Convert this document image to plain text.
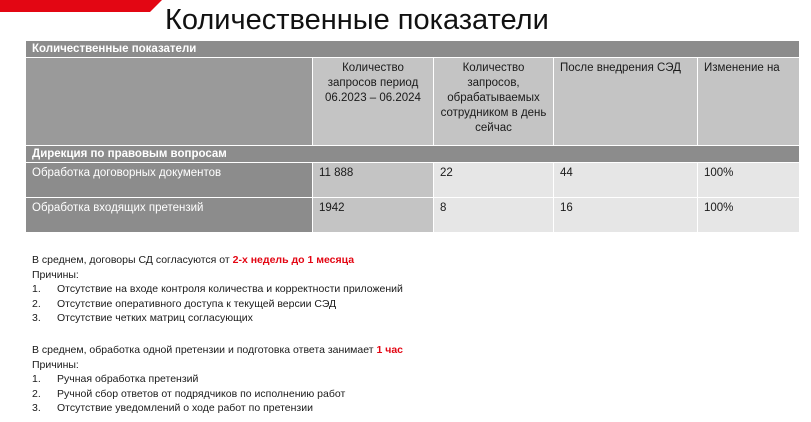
Количественные показатели
Количественные показатели				
	Количество запросов период 06.2023 – 06.2024	Количество запросов, обрабатываемых сотрудником в день сейчас	После внедрения СЭД	Изменение на
Дирекция по правовым вопросам				
Обработка договорных документов	11 888	22	44	100%
Обработка входящих претензий	1942	8	16	100%

В среднем, договоры СД согласуются от 2-х недель до 1 месяца

Причины:

1.	Отсутствие на входе контроля количества и корректности приложений
2.	Отсутствие оперативного доступа к текущей версии СЭД
3.	Отсутствие четких матриц согласующих

В среднем, обработка одной претензии и подготовка ответа занимает 1 час

Причины:

1.	Ручная обработка претензий
2.	Ручной сбор ответов от подрядчиков по исполнению работ
3.	Отсутствие уведомлений о ходе работ по претензии
